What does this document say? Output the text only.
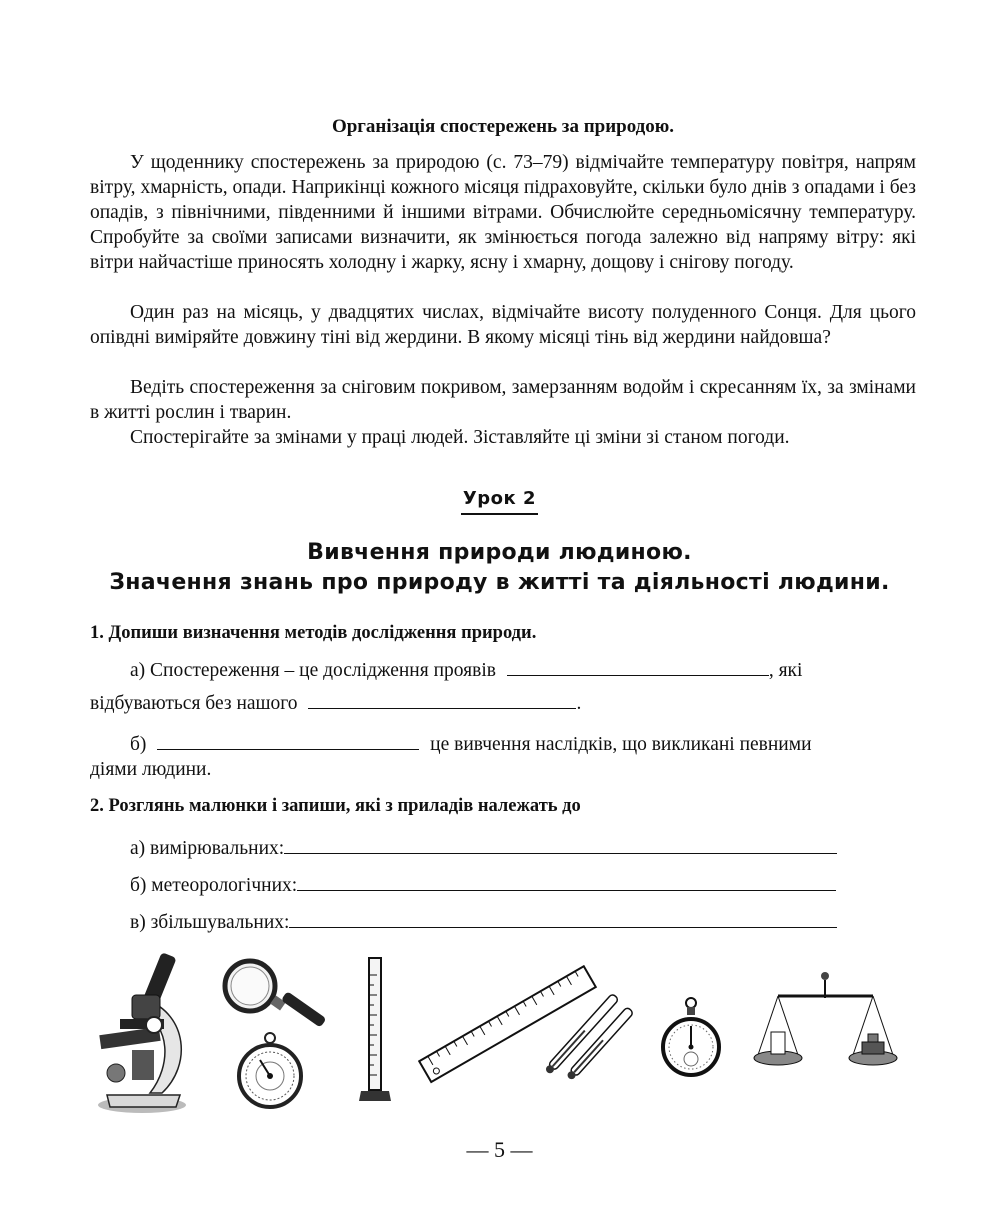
Організація спостережень за природою.
У щоденнику спостережень за природою (с. 73–79) відмічайте температуру повітря, напрям вітру, хмарність, опади. Наприкінці кожного місяця підраховуйте, скільки було днів з опадами і без опадів, з північними, південними й іншими вітрами. Обчислюйте середньомісячну температуру. Спробуйте за своїми записами визначити, як змінюється погода залежно від напряму вітру: які вітри найчастіше приносять холодну і жарку, ясну і хмарну, дощову і снігову погоду.
Один раз на місяць, у двадцятих числах, відмічайте висоту полуденного Сонця. Для цього опівдні виміряйте довжину тіні від жердини. В якому місяці тінь від жердини найдовша?
Ведіть спостереження за сніговим покривом, замерзанням водойм і скресанням їх, за змінами в житті рослин і тварин.
Спостерігайте за змінами у праці людей. Зіставляйте ці зміни зі станом погоди.
Урок 2
Вивчення природи людиною.
Значення знань про природу в житті та діяльності людини.
1. Допиши визначення методів дослідження природи.
а) Спостереження – це дослідження проявів	, які
відбуваються без нашого	.
б)	це вивчення наслідків, що викликані певними
діями людини.
2. Розглянь малюнки і запиши, які з приладів належать до
а) вимірювальних:
б) метеорологічних:
в) збільшувальних:
— 5 —
